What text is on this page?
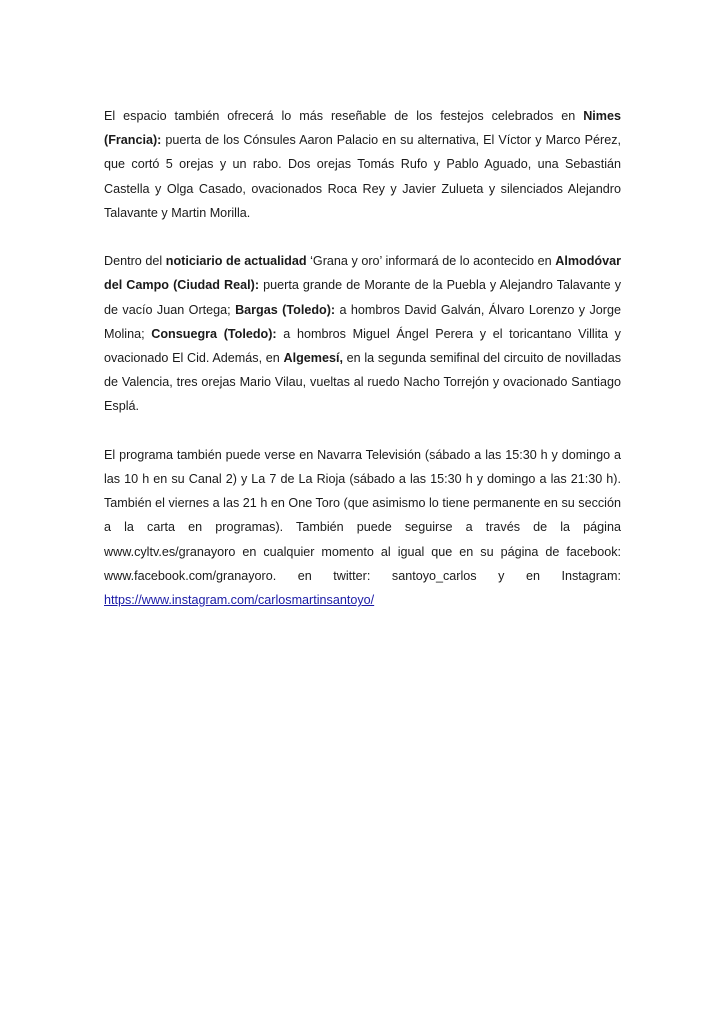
El espacio también ofrecerá lo más reseñable de los festejos celebrados en Nimes (Francia): puerta de los Cónsules Aaron Palacio en su alternativa, El Víctor y Marco Pérez, que cortó 5 orejas y un rabo. Dos orejas Tomás Rufo y Pablo Aguado, una Sebastián Castella y Olga Casado, ovacionados Roca Rey y Javier Zulueta y silenciados Alejandro Talavante y Martin Morilla.

Dentro del noticiario de actualidad ‘Grana y oro’ informará de lo acontecido en Almodóvar del Campo (Ciudad Real): puerta grande de Morante de la Puebla y Alejandro Talavante y de vacío Juan Ortega; Bargas (Toledo): a hombros David Galván, Álvaro Lorenzo y Jorge Molina; Consuegra (Toledo): a hombros Miguel Ángel Perera y el toricantano Villita y ovacionado El Cid. Además, en Algemesí, en la segunda semifinal del circuito de novilladas de Valencia, tres orejas Mario Vilau, vueltas al ruedo Nacho Torrejón y ovacionado Santiago Esplá.

El programa también puede verse en Navarra Televisión (sábado a las 15:30 h y domingo a las 10 h en su Canal 2) y La 7 de La Rioja (sábado a las 15:30 h y domingo a las 21:30 h). También el viernes a las 21 h en One Toro (que asimismo lo tiene permanente en su sección a la carta en programas). También puede seguirse a través de la página www.cyltv.es/granayoro en cualquier momento al igual que en su página de facebook: www.facebook.com/granayoro. en twitter: santoyo_carlos y en Instagram: https://www.instagram.com/carlosmartinsantoyo/
